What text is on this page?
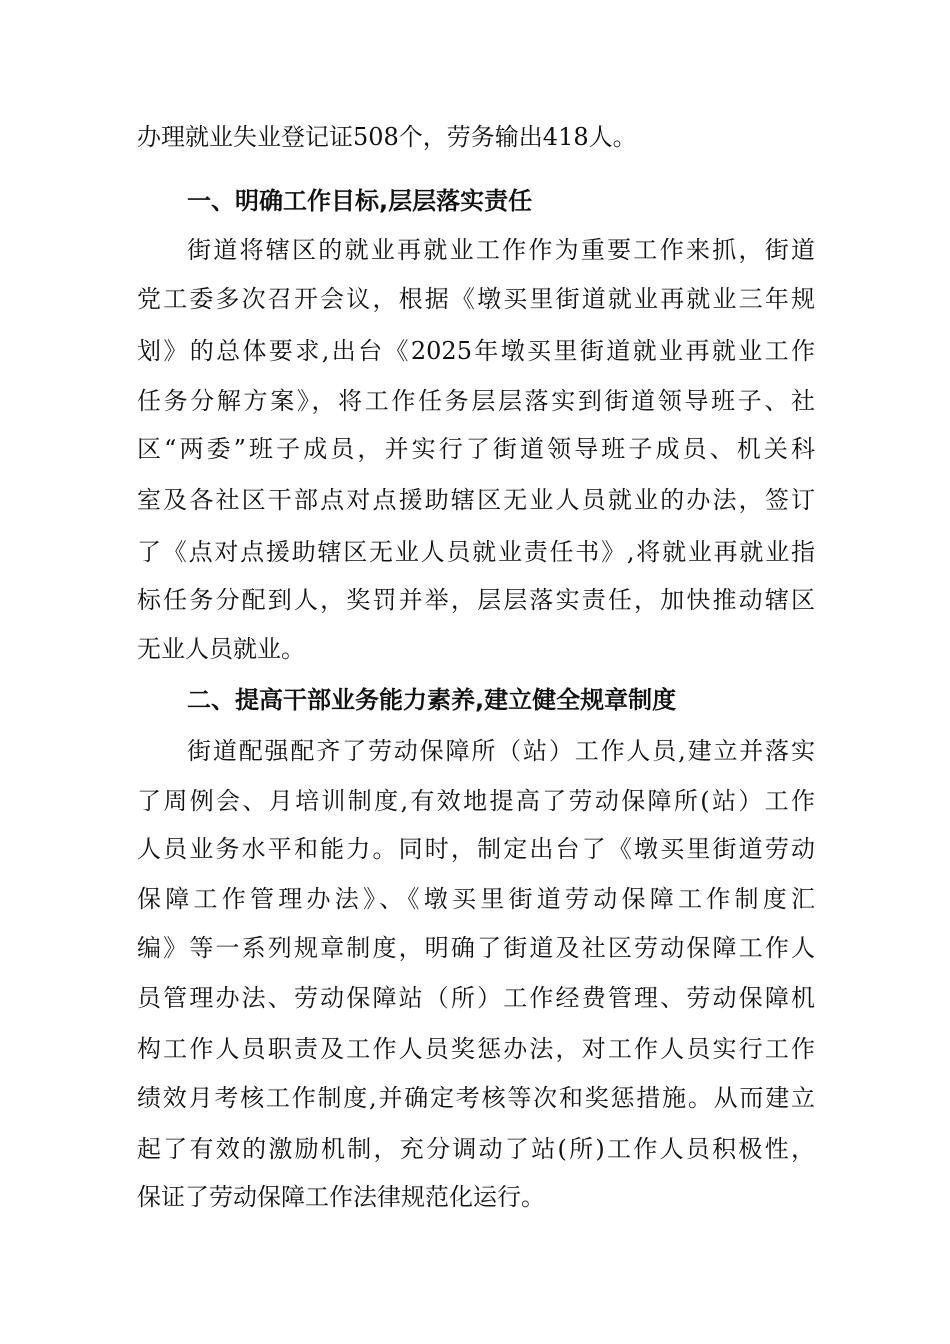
办理就业失业登记证508个，劳务输出418人。
一、明确工作目标,层层落实责任
街道将辖区的就业再就业工作作为重要工作来抓，街道
党工委多次召开会议，根据《墩买里街道就业再就业三年规
划》的总体要求,出台《2025年墩买里街道就业再就业工作
任务分解方案》，将工作任务层层落实到街道领导班子、社
区“两委”班子成员，并实行了街道领导班子成员、机关科
室及各社区干部点对点援助辖区无业人员就业的办法，签订
了《点对点援助辖区无业人员就业责任书》,将就业再就业指
标任务分配到人，奖罚并举，层层落实责任，加快推动辖区
无业人员就业。
二、提高干部业务能力素养,建立健全规章制度
街道配强配齐了劳动保障所（站）工作人员,建立并落实
了周例会、月培训制度,有效地提高了劳动保障所(站）工作
人员业务水平和能力。同时，制定出台了《墩买里街道劳动
保障工作管理办法》、《墩买里街道劳动保障工作制度汇
编》等一系列规章制度，明确了街道及社区劳动保障工作人
员管理办法、劳动保障站（所）工作经费管理、劳动保障机
构工作人员职责及工作人员奖惩办法，对工作人员实行工作
绩效月考核工作制度,并确定考核等次和奖惩措施。从而建立
起了有效的激励机制，充分调动了站(所)工作人员积极性，
保证了劳动保障工作法律规范化运行。
